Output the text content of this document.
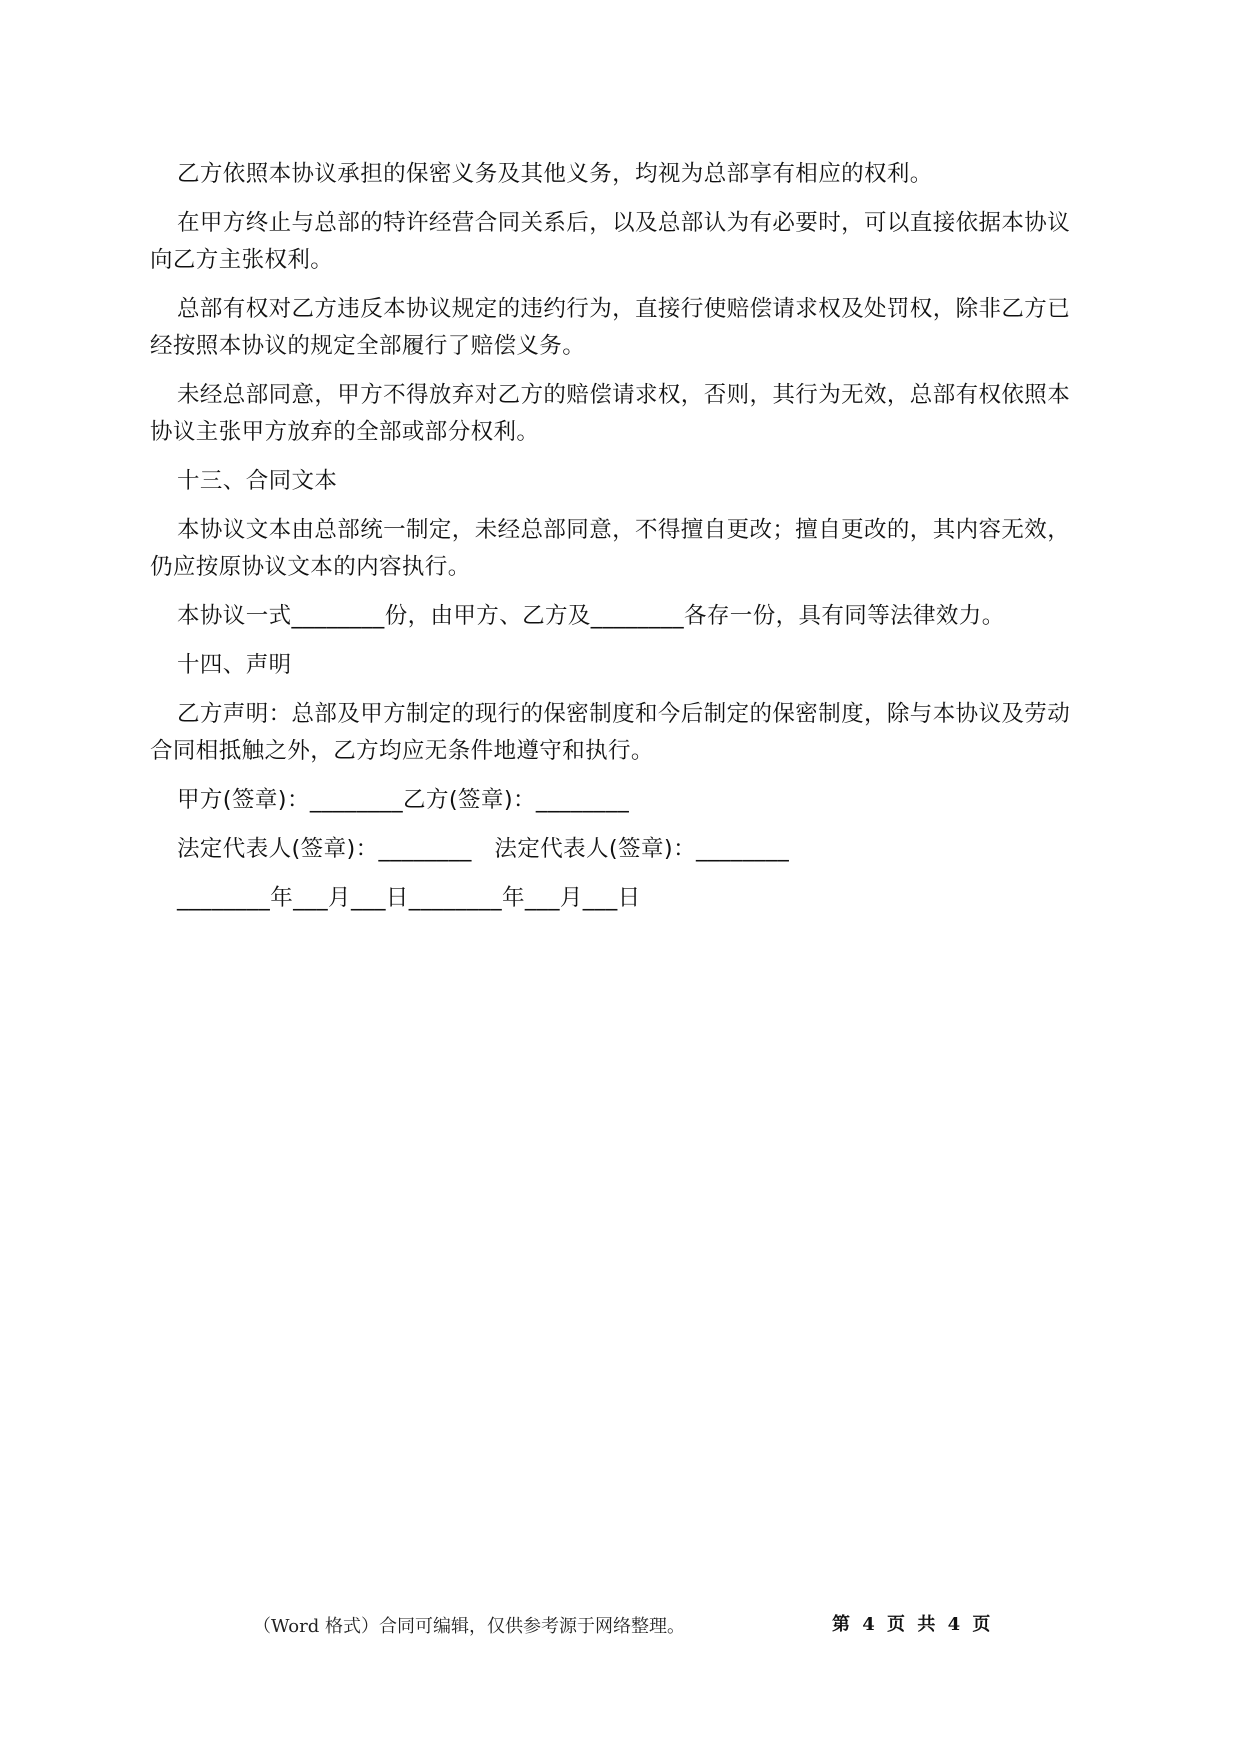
乙方依照本协议承担的保密义务及其他义务，均视为总部享有相应的权利。

在甲方终止与总部的特许经营合同关系后，以及总部认为有必要时，可以直接依据本协议向乙方主张权利。

总部有权对乙方违反本协议规定的违约行为，直接行使赔偿请求权及处罚权，除非乙方已经按照本协议的规定全部履行了赔偿义务。

未经总部同意，甲方不得放弃对乙方的赔偿请求权，否则，其行为无效，总部有权依照本协议主张甲方放弃的全部或部分权利。

十三、合同文本

本协议文本由总部统一制定，未经总部同意，不得擅自更改；擅自更改的，其内容无效，仍应按原协议文本的内容执行。

本协议一式________份，由甲方、乙方及________各存一份，具有同等法律效力。

十四、声明

乙方声明：总部及甲方制定的现行的保密制度和今后制定的保密制度，除与本协议及劳动合同相抵触之外，乙方均应无条件地遵守和执行。

甲方(签章)：________乙方(签章)：________

法定代表人(签章)：________   法定代表人(签章)：________

________年___月___日________年___月___日

（Word 格式）合同可编辑，仅供参考源于网络整理。	第 4 页 共 4 页
